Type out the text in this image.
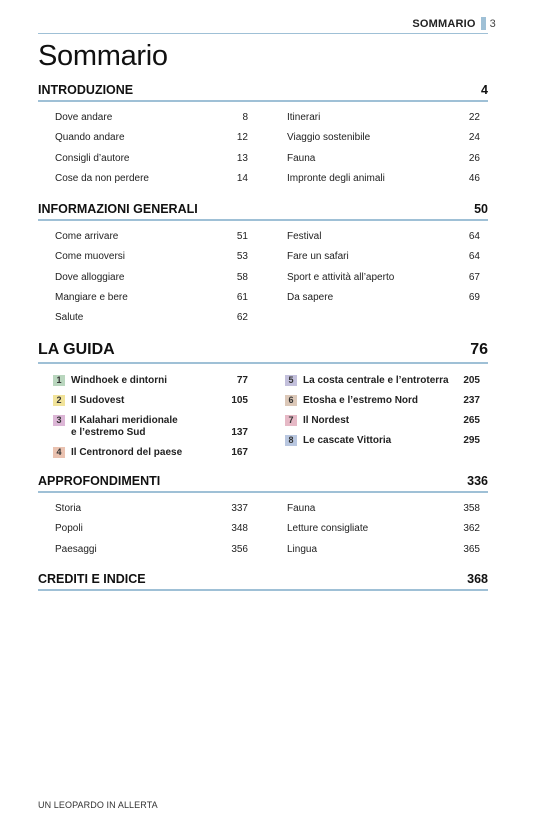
SOMMARIO 3
Sommario
INTRODUZIONE	4
Dove andare	8
Quando andare	12
Consigli d’autore	13
Cose da non perdere	14
Itinerari	22
Viaggio sostenibile	24
Fauna	26
Impronte degli animali	46
INFORMAZIONI GENERALI	50
Come arrivare	51
Come muoversi	53
Dove alloggiare	58
Mangiare e bere	61
Salute	62
Festival	64
Fare un safari	64
Sport e attività all’aperto	67
Da sapere	69
LA GUIDA	76
1 Windhoek e dintorni	77
2 Il Sudovest	105
3 Il Kalahari meridionale
e l’estremo Sud	137
4 Il Centronord del paese	167
5 La costa centrale e l’entroterra 205
6 Etosha e l’estremo Nord	237
7 Il Nordest	265
8 Le cascate Vittoria	295
APPROFONDIMENTI	336
Storia	337
Popoli	348
Paesaggi	356
Fauna	358
Letture consigliate	362
Lingua	365
CREDITI E INDICE	368
UN LEOPARDO IN ALLERTA
